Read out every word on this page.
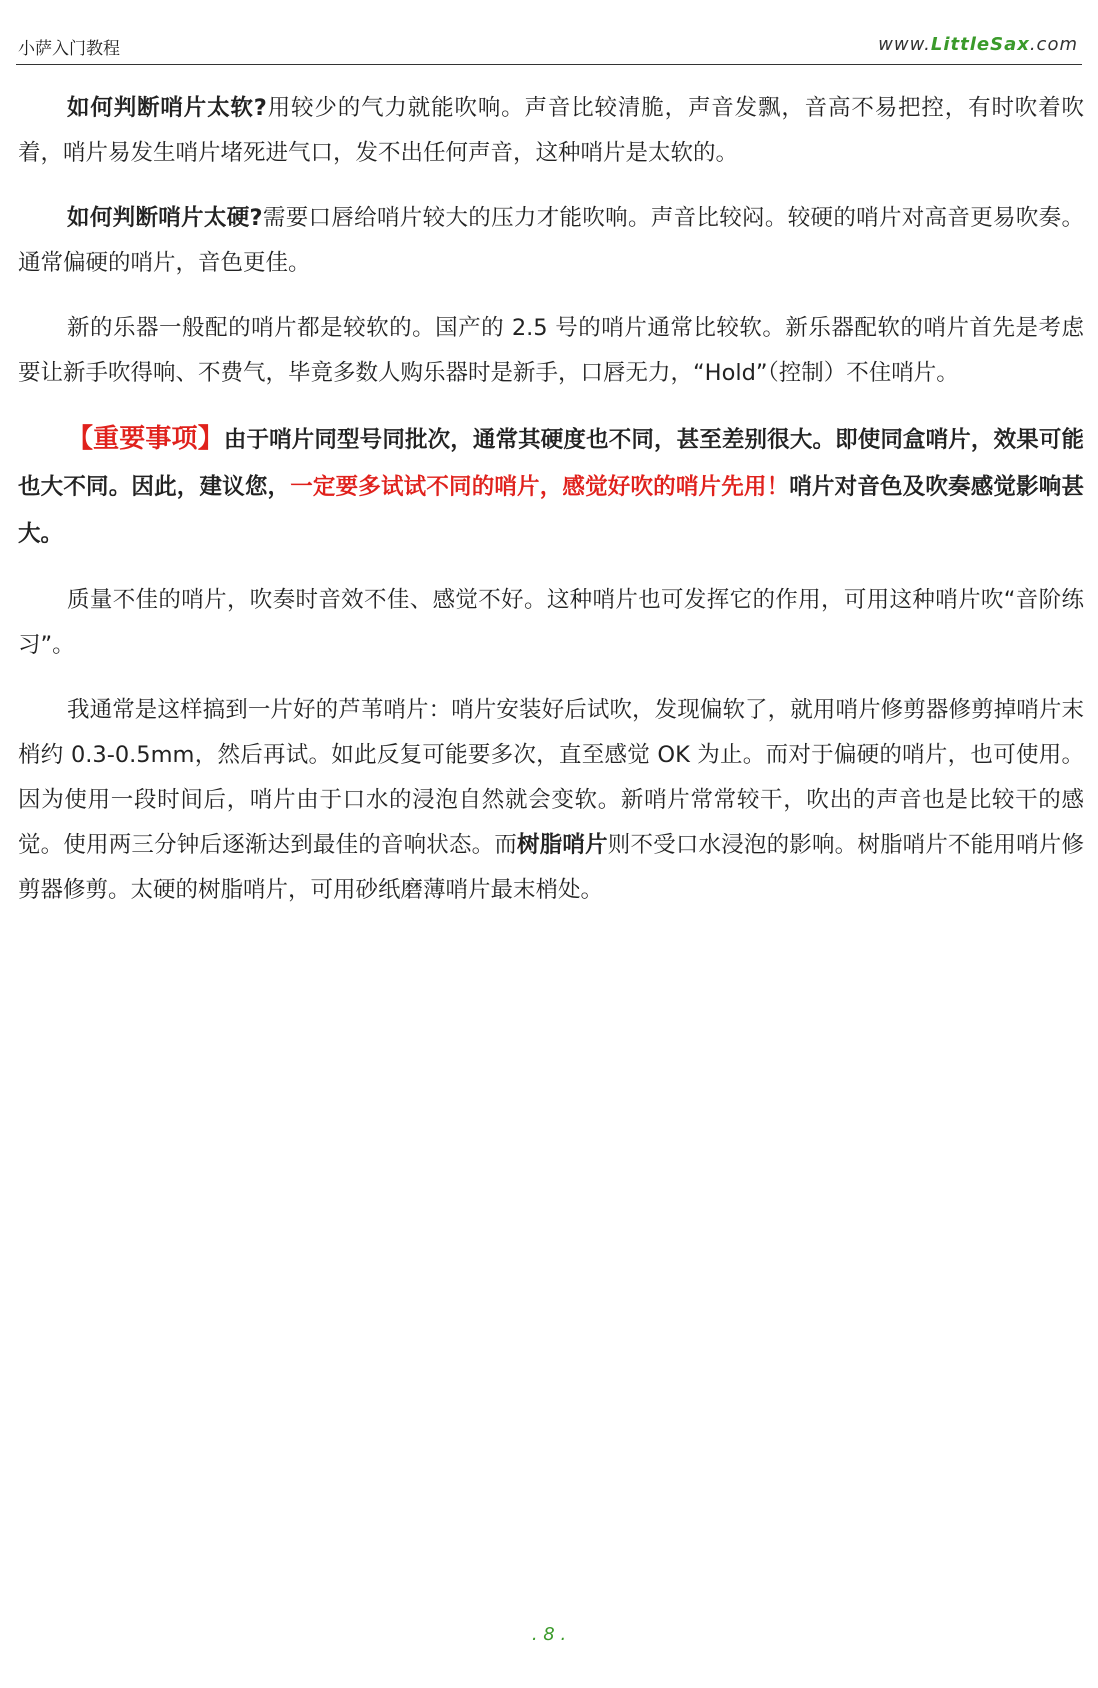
小萨入门教程	www.LittleSax.com

如何判断哨片太软?用较少的气力就能吹响。声音比较清脆，声音发飘，音高不易把控，有时吹着吹着，哨片易发生哨片堵死进气口，发不出任何声音，这种哨片是太软的。

如何判断哨片太硬?需要口唇给哨片较大的压力才能吹响。声音比较闷。较硬的哨片对高音更易吹奏。通常偏硬的哨片，音色更佳。

新的乐器一般配的哨片都是较软的。国产的 2.5 号的哨片通常比较软。新乐器配软的哨片首先是考虑要让新手吹得响、不费气，毕竟多数人购乐器时是新手，口唇无力，“Hold”（控制）不住哨片。

【重要事项】由于哨片同型号同批次，通常其硬度也不同，甚至差别很大。即使同盒哨片，效果可能也大不同。因此，建议您，一定要多试试不同的哨片，感觉好吹的哨片先用！哨片对音色及吹奏感觉影响甚大。

质量不佳的哨片，吹奏时音效不佳、感觉不好。这种哨片也可发挥它的作用，可用这种哨片吹“音阶练习”。

我通常是这样搞到一片好的芦苇哨片：哨片安装好后试吹，发现偏软了，就用哨片修剪器修剪掉哨片末梢约 0.3-0.5mm，然后再试。如此反复可能要多次，直至感觉 OK 为止。而对于偏硬的哨片，也可使用。因为使用一段时间后，哨片由于口水的浸泡自然就会变软。新哨片常常较干，吹出的声音也是比较干的感觉。使用两三分钟后逐渐达到最佳的音响状态。而树脂哨片则不受口水浸泡的影响。树脂哨片不能用哨片修剪器修剪。太硬的树脂哨片，可用砂纸磨薄哨片最末梢处。

. 8 .
